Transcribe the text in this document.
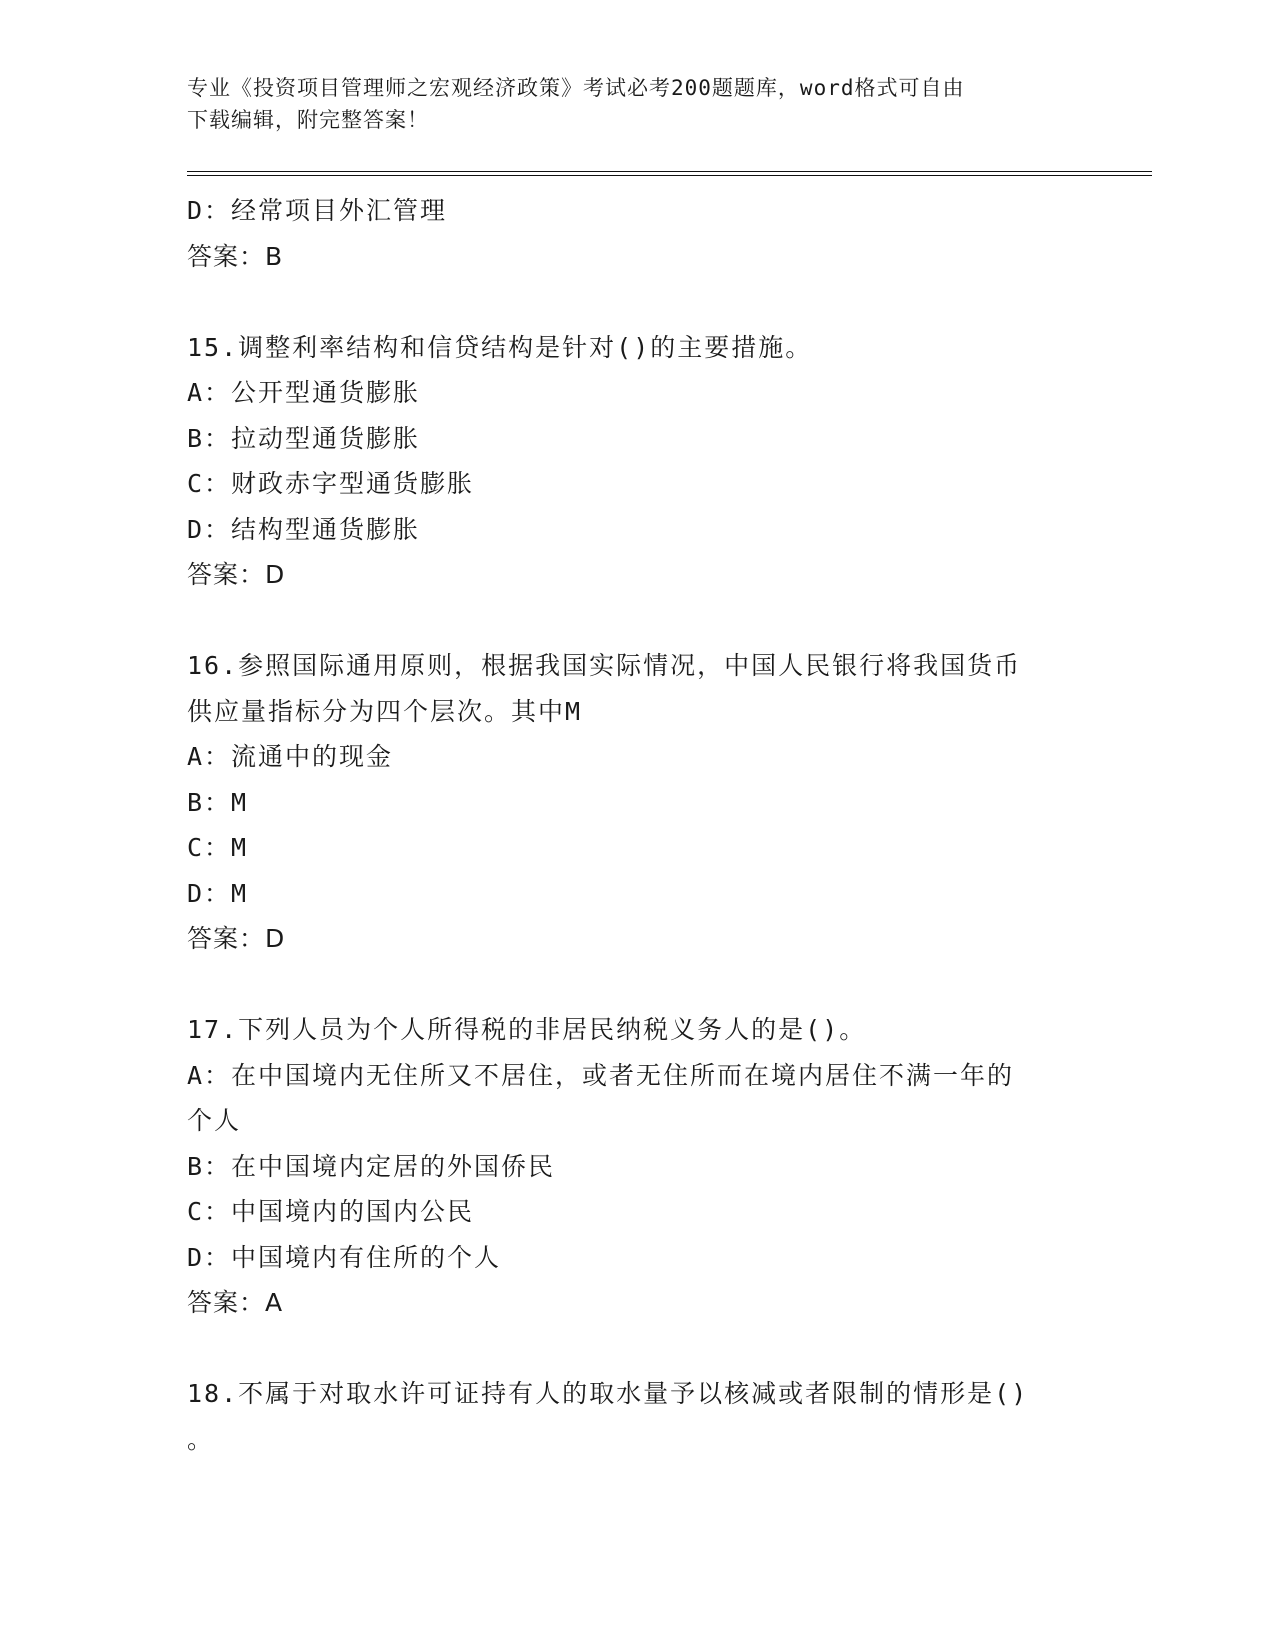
专业《投资项目管理师之宏观经济政策》考试必考200题题库，word格式可自由
下载编辑，附完整答案！
D：经常项目外汇管理
答案：B
15.调整利率结构和信贷结构是针对()的主要措施。
A：公开型通货膨胀
B：拉动型通货膨胀
C：财政赤字型通货膨胀
D：结构型通货膨胀
答案：D
16.参照国际通用原则，根据我国实际情况，中国人民银行将我国货币
供应量指标分为四个层次。其中M
A：流通中的现金
B：M
C：M
D：M
答案：D
17.下列人员为个人所得税的非居民纳税义务人的是()。
A：在中国境内无住所又不居住，或者无住所而在境内居住不满一年的
个人
B：在中国境内定居的外国侨民
C：中国境内的国内公民
D：中国境内有住所的个人
答案：A
18.不属于对取水许可证持有人的取水量予以核减或者限制的情形是()
。
